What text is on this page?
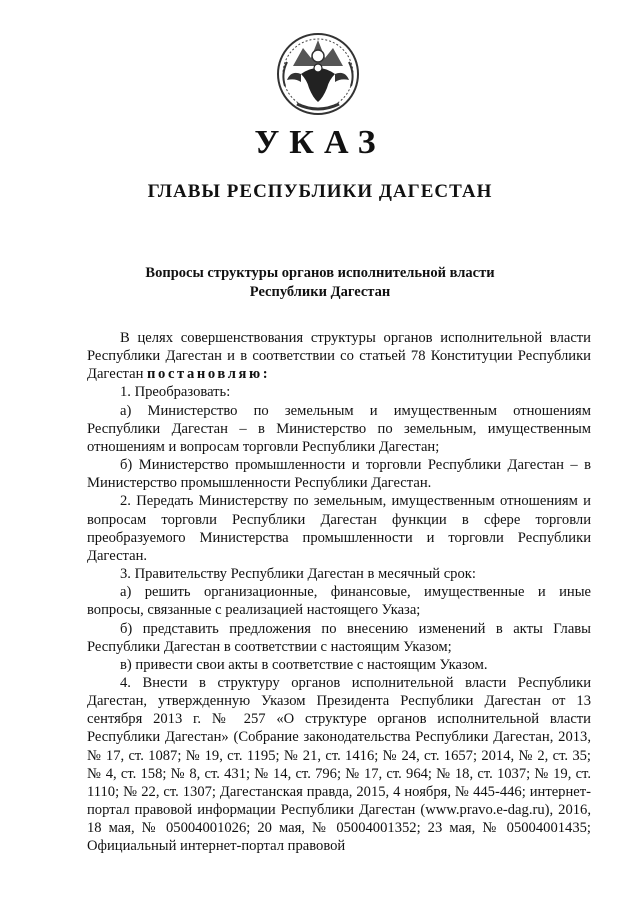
УКАЗ
ГЛАВЫ РЕСПУБЛИКИ ДАГЕСТАН
Вопросы структуры органов исполнительной власти
Республики Дагестан

В целях совершенствования структуры органов исполнительной власти Республики Дагестан и в соответствии со статьей 78 Конституции Республики Дагестан постановляю:

1. Преобразовать:

а) Министерство по земельным и имущественным отношениям Республики Дагестан – в Министерство по земельным, имущественным отношениям и вопросам торговли Республики Дагестан;

б) Министерство промышленности и торговли Республики Дагестан – в Министерство промышленности Республики Дагестан.

2. Передать Министерству по земельным, имущественным отношениям и вопросам торговли Республики Дагестан функции в сфере торговли преобразуемого Министерства промышленности и торговли Республики Дагестан.

3. Правительству Республики Дагестан в месячный срок:

а) решить организационные, финансовые, имущественные и иные вопросы, связанные с реализацией настоящего Указа;

б) представить предложения по внесению изменений в акты Главы Республики Дагестан в соответствии с настоящим Указом;

в) привести свои акты в соответствие с настоящим Указом.

4. Внести в структуру органов исполнительной власти Республики Дагестан, утвержденную Указом Президента Республики Дагестан от 13 сентября 2013 г. № 257 «О структуре органов исполнительной власти Республики Дагестан» (Собрание законодательства Республики Дагестан, 2013, № 17, ст. 1087; № 19, ст. 1195; № 21, ст. 1416; № 24, ст. 1657; 2014, № 2, ст. 35; № 4, ст. 158; № 8, ст. 431; № 14, ст. 796; № 17, ст. 964; № 18, ст. 1037; № 19, ст. 1110; № 22, ст. 1307; Дагестанская правда, 2015, 4 ноября, № 445-446; интернет-портал правовой информации Республики Дагестан (www.pravo.e-dag.ru), 2016, 18 мая, № 05004001026; 20 мая, № 05004001352; 23 мая, № 05004001435; Официальный интернет-портал правовой
